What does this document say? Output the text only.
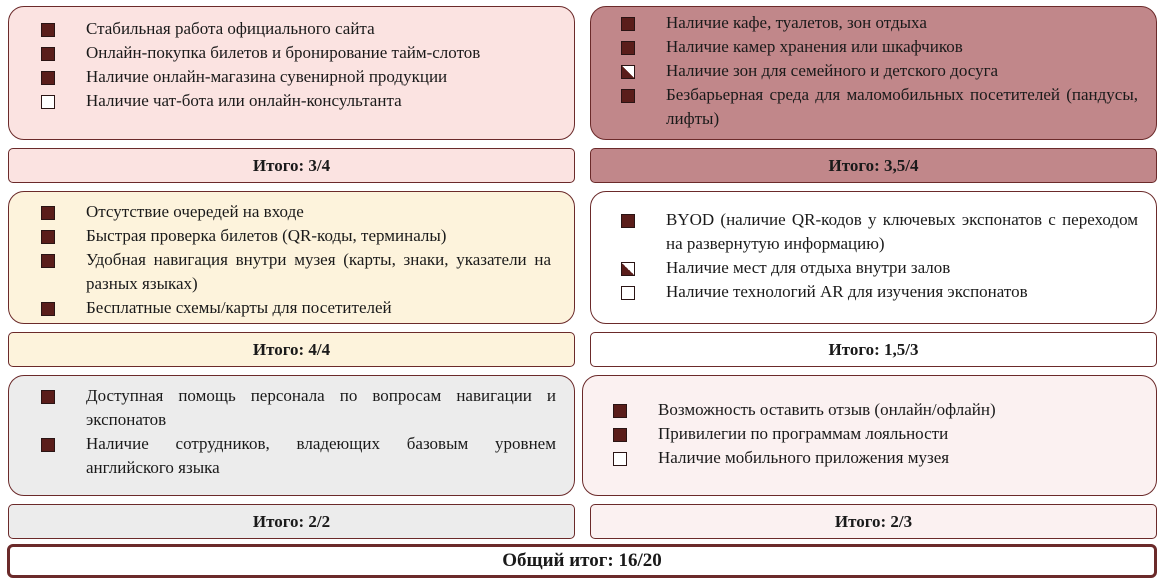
Стабильная работа официального сайта
Онлайн-покупка билетов и бронирование тайм-слотов
Наличие онлайн-магазина сувенирной продукции
Наличие чат-бота или онлайн-консультанта
Наличие кафе, туалетов, зон отдыха
Наличие камер хранения или шкафчиков
Наличие зон для семейного и детского досуга
Безбарьерная среда для маломобильных посетителей (пандусы, лифты)
Итого: 3/4	Итого: 3,5/4
Отсутствие очередей на входе
Быстрая проверка билетов (QR-коды, терминалы)
Удобная навигация внутри музея (карты, знаки, указатели на разных языках)
Бесплатные схемы/карты для посетителей
BYOD (наличие QR-кодов у ключевых экспонатов с переходом на развернутую информацию)
Наличие мест для отдыха внутри залов
Наличие технологий AR для изучения экспонатов
Итого: 4/4	Итого: 1,5/3
Доступная помощь персонала по вопросам навигации и экспонатов
Наличие сотрудников, владеющих базовым уровнем английского языка
Возможность оставить отзыв (онлайн/офлайн)
Привилегии по программам лояльности
Наличие мобильного приложения музея
Итого: 2/2	Итого: 2/3
Общий итог: 16/20
